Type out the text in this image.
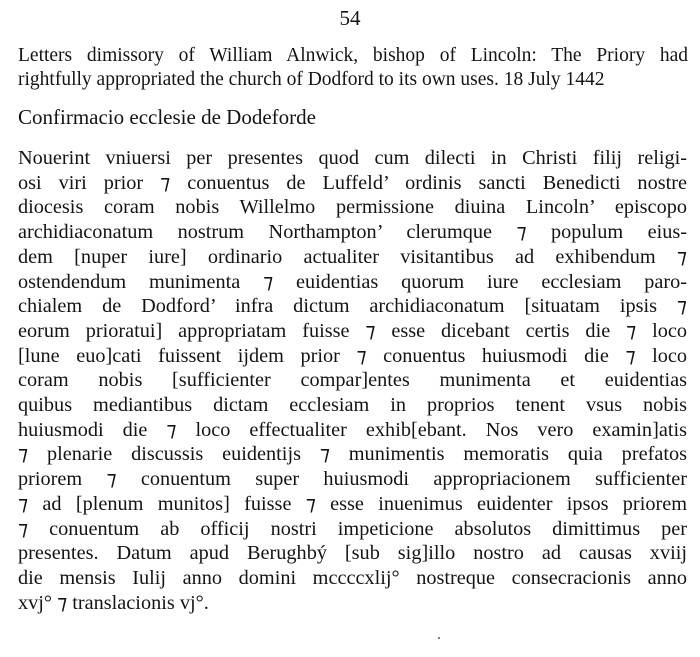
54
Letters dimissory of William Alnwick, bishop of Lincoln: The Priory had
rightfully appropriated the church of Dodford to its own uses. 18 July 1442
Confirmacio ecclesie de Dodeforde
Nouerint vniuersi per presentes quod cum dilecti in Christi filij religi-
osi viri prior ⁊ conuentus de Luffeld’ ordinis sancti Benedicti nostre
diocesis coram nobis Willelmo permissione diuina Lincoln’ episcopo
archidiaconatum nostrum Northampton’ clerumque ⁊ populum eius-
dem [nuper iure] ordinario actualiter visitantibus ad exhibendum ⁊
ostendendum munimenta ⁊ euidentias quorum iure ecclesiam paro-
chialem de Dodford’ infra dictum archidiaconatum [situatam ipsis ⁊
eorum prioratui] appropriatam fuisse ⁊ esse dicebant certis die ⁊ loco
[lune euo]cati fuissent ijdem prior ⁊ conuentus huiusmodi die ⁊ loco
coram nobis [sufficienter compar]entes munimenta et euidentias
quibus mediantibus dictam ecclesiam in proprios tenent vsus nobis
huiusmodi die ⁊ loco effectualiter exhib[ebant. Nos vero examin]atis
⁊ plenarie discussis euidentijs ⁊ munimentis memoratis quia prefatos
priorem ⁊ conuentum super huiusmodi appropriacionem sufficienter
⁊ ad [plenum munitos] fuisse ⁊ esse inuenimus euidenter ipsos priorem
⁊ conuentum ab officij nostri impeticione absolutos dimittimus per
presentes. Datum apud Berughbý [sub sig]illo nostro ad causas xviij
die mensis Iulij anno domini mccccxlij° nostreque consecracionis anno
xvj° ⁊ translacionis vj°.
